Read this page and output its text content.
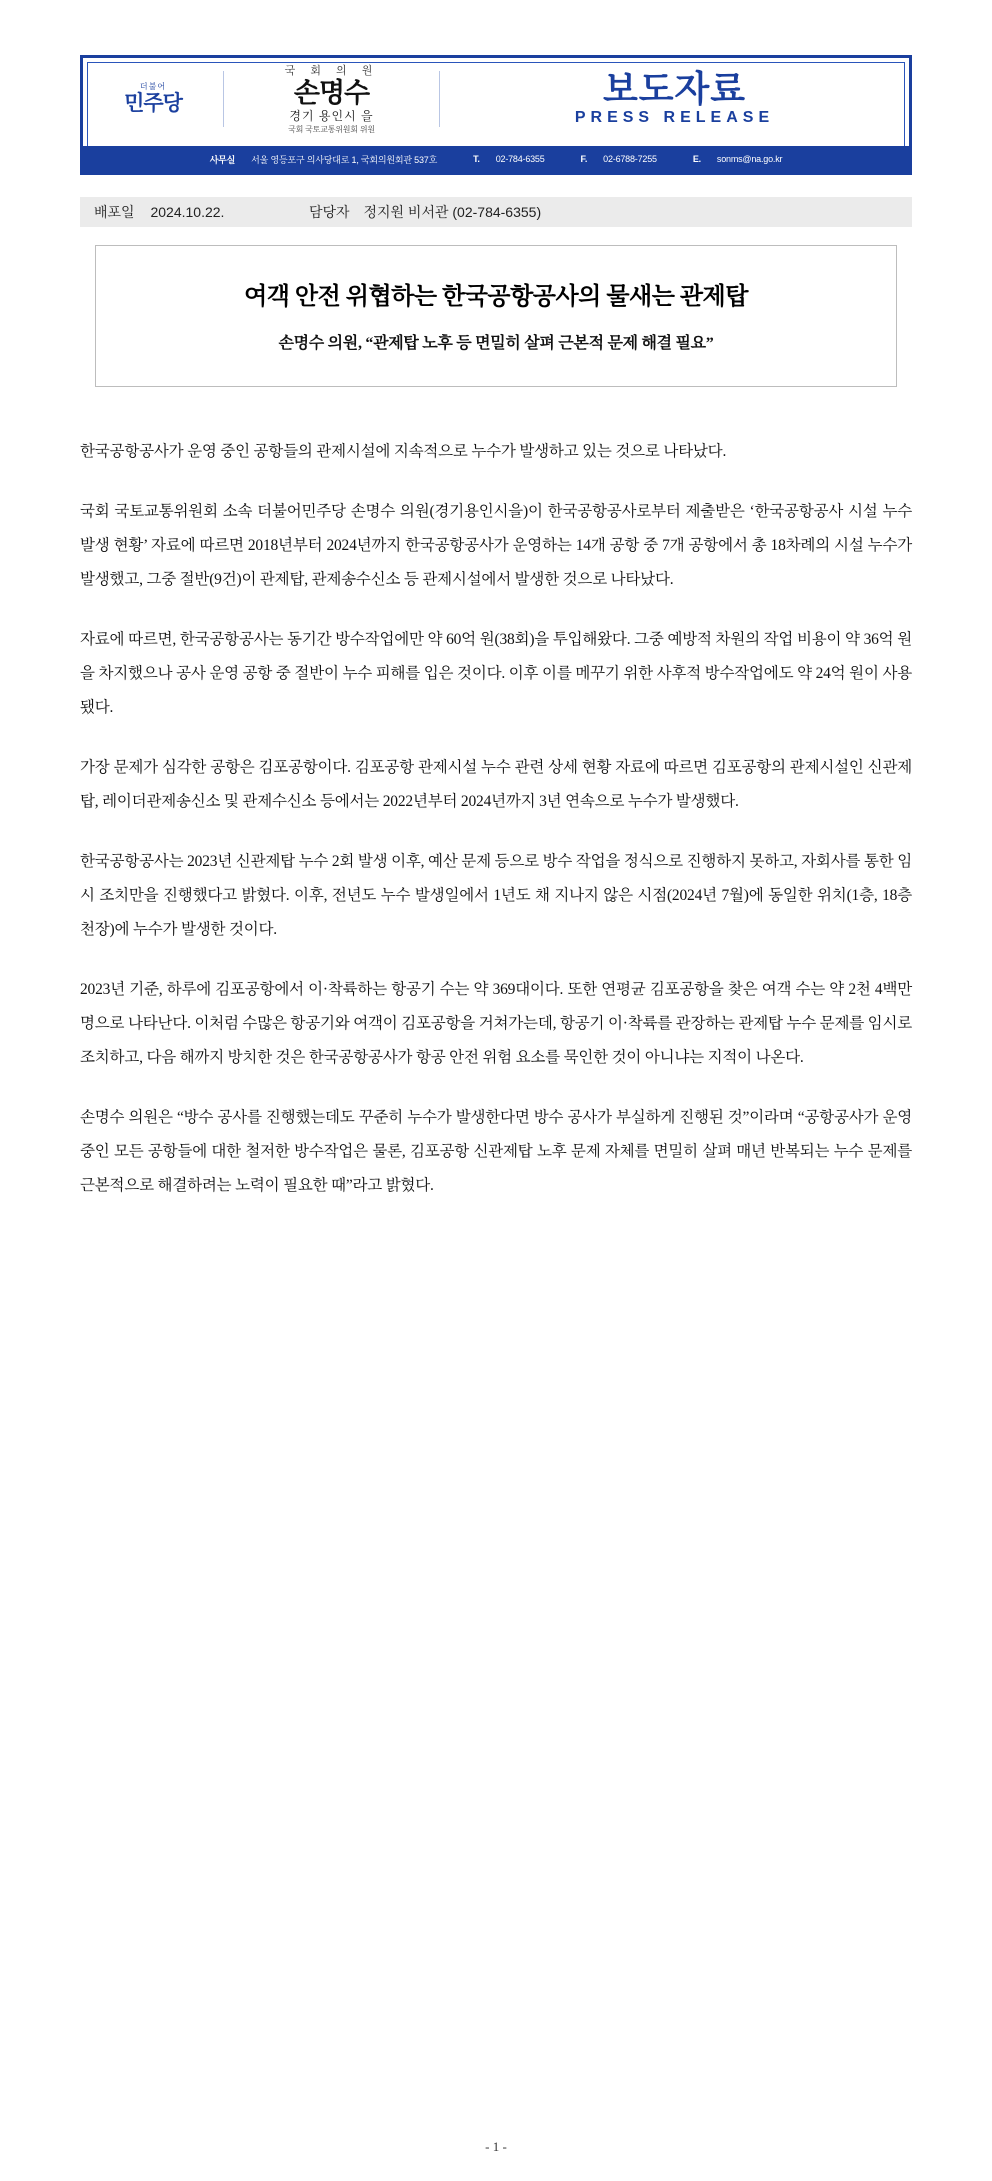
더불어
민주당
국 회 의 원
손명수
경기 용인시 을
국회 국토교통위원회 위원
보도자료
PRESS RELEASE
사무실 서울 영등포구 의사당대로 1, 국회의원회관 537호	T. 02-784-6355	F. 02-6788-7255	E. sonms@na.go.kr
배포일 2024.10.22.	담당자 정지원 비서관 (02-784-6355)
여객 안전 위협하는 한국공항공사의 물새는 관제탑
손명수 의원, “관제탑 노후 등 면밀히 살펴 근본적 문제 해결 필요”

한국공항공사가 운영 중인 공항들의 관제시설에 지속적으로 누수가 발생하고 있는 것으로 나타났다.

국회 국토교통위원회 소속 더불어민주당 손명수 의원(경기용인시을)이 한국공항공사로부터 제출받은 ‘한국공항공사 시설 누수 발생 현황’ 자료에 따르면 2018년부터 2024년까지 한국공항공사가 운영하는 14개 공항 중 7개 공항에서 총 18차례의 시설 누수가 발생했고, 그중 절반(9건)이 관제탑, 관제송수신소 등 관제시설에서 발생한 것으로 나타났다.

자료에 따르면, 한국공항공사는 동기간 방수작업에만 약 60억 원(38회)을 투입해왔다. 그중 예방적 차원의 작업 비용이 약 36억 원을 차지했으나 공사 운영 공항 중 절반이 누수 피해를 입은 것이다. 이후 이를 메꾸기 위한 사후적 방수작업에도 약 24억 원이 사용됐다.

가장 문제가 심각한 공항은 김포공항이다. 김포공항 관제시설 누수 관련 상세 현황 자료에 따르면 김포공항의 관제시설인 신관제탑, 레이더관제송신소 및 관제수신소 등에서는 2022년부터 2024년까지 3년 연속으로 누수가 발생했다.

한국공항공사는 2023년 신관제탑 누수 2회 발생 이후, 예산 문제 등으로 방수 작업을 정식으로 진행하지 못하고, 자회사를 통한 임시 조치만을 진행했다고 밝혔다. 이후, 전년도 누수 발생일에서 1년도 채 지나지 않은 시점(2024년 7월)에 동일한 위치(1층, 18층 천장)에 누수가 발생한 것이다.

2023년 기준, 하루에 김포공항에서 이·착륙하는 항공기 수는 약 369대이다. 또한 연평균 김포공항을 찾은 여객 수는 약 2천 4백만 명으로 나타난다. 이처럼 수많은 항공기와 여객이 김포공항을 거쳐가는데, 항공기 이·착륙를 관장하는 관제탑 누수 문제를 임시로 조치하고, 다음 해까지 방치한 것은 한국공항공사가 항공 안전 위험 요소를 묵인한 것이 아니냐는 지적이 나온다.

손명수 의원은 “방수 공사를 진행했는데도 꾸준히 누수가 발생한다면 방수 공사가 부실하게 진행된 것”이라며 “공항공사가 운영중인 모든 공항들에 대한 철저한 방수작업은 물론, 김포공항 신관제탑 노후 문제 자체를 면밀히 살펴 매년 반복되는 누수 문제를 근본적으로 해결하려는 노력이 필요한 때”라고 밝혔다.

- 1 -
